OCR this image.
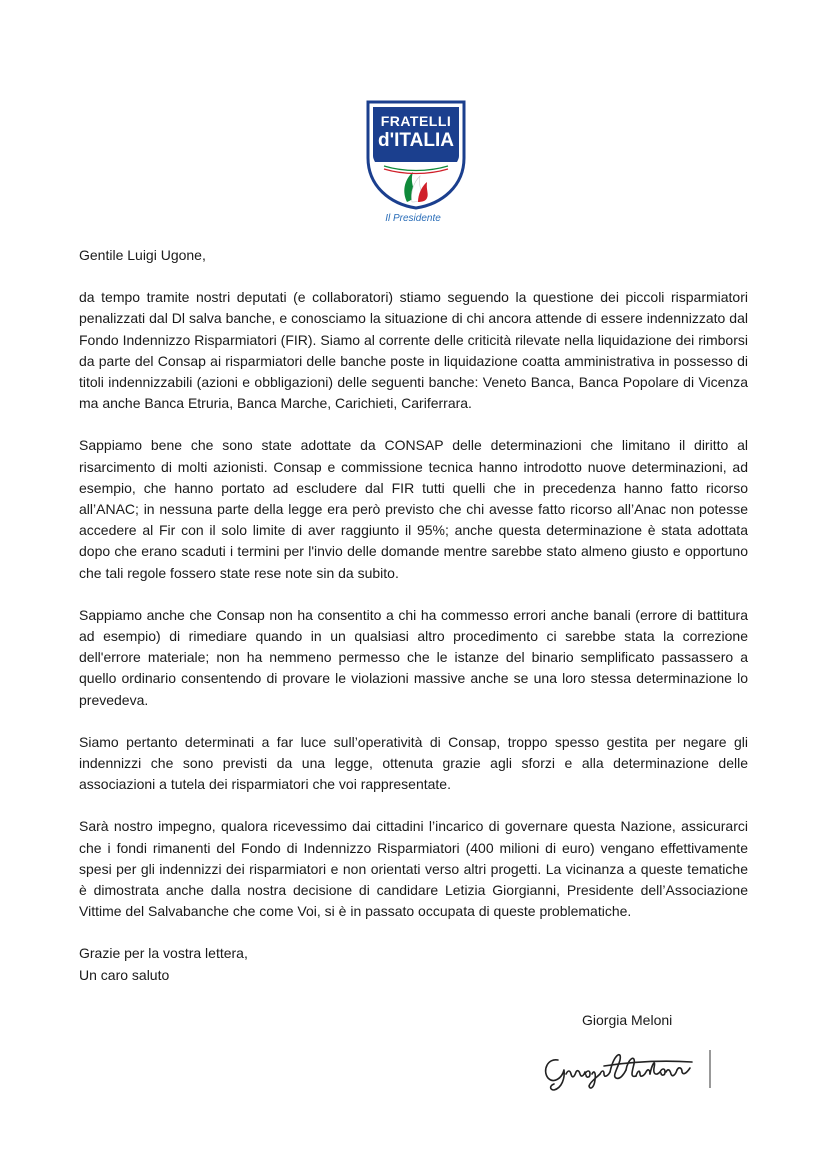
FRATELLI
d'ITALIA
Il Presidente

Gentile Luigi Ugone,

da tempo tramite nostri deputati (e collaboratori) stiamo seguendo la questione dei piccoli risparmiatori penalizzati dal Dl salva banche, e conosciamo la situazione di chi ancora attende di essere indennizzato dal Fondo Indennizzo Risparmiatori (FIR). Siamo al corrente delle criticità rilevate nella liquidazione dei rimborsi da parte del Consap ai risparmiatori delle banche poste in liquidazione coatta amministrativa in possesso di titoli indennizzabili (azioni e obbligazioni) delle seguenti banche: Veneto Banca, Banca Popolare di Vicenza ma anche Banca Etruria, Banca Marche, Carichieti, Cariferrara.

Sappiamo bene che sono state adottate da CONSAP delle determinazioni che limitano il diritto al risarcimento di molti azionisti. Consap e commissione tecnica hanno introdotto nuove determinazioni, ad esempio, che hanno portato ad escludere dal FIR tutti quelli che in precedenza hanno fatto ricorso all’ANAC; in nessuna parte della legge era però previsto che chi avesse fatto ricorso all’Anac non potesse accedere al Fir con il solo limite di aver raggiunto il 95%; anche questa determinazione è stata adottata dopo che erano scaduti i termini per l'invio delle domande mentre sarebbe stato almeno giusto e opportuno che tali regole fossero state rese note sin da subito.

Sappiamo anche che Consap non ha consentito a chi ha commesso errori anche banali (errore di battitura ad esempio) di rimediare quando in un qualsiasi altro procedimento ci sarebbe stata la correzione dell'errore materiale; non ha nemmeno permesso che le istanze del binario semplificato passassero a quello ordinario consentendo di provare le violazioni massive anche se una loro stessa determinazione lo prevedeva.

Siamo pertanto determinati a far luce sull’operatività di Consap, troppo spesso gestita per negare gli indennizzi che sono previsti da una legge, ottenuta grazie agli sforzi e alla determinazione delle associazioni a tutela dei risparmiatori che voi rappresentate.

Sarà nostro impegno, qualora ricevessimo dai cittadini l’incarico di governare questa Nazione, assicurarci che i fondi rimanenti del Fondo di Indennizzo Risparmiatori (400 milioni di euro) vengano effettivamente spesi per gli indennizzi dei risparmiatori e non orientati verso altri progetti. La vicinanza a queste tematiche è dimostrata anche dalla nostra decisione di candidare Letizia Giorgianni, Presidente dell’Associazione Vittime del Salvabanche che come Voi, si è in passato occupata di queste problematiche.

Grazie per la vostra lettera,
Un caro saluto

Giorgia Meloni
